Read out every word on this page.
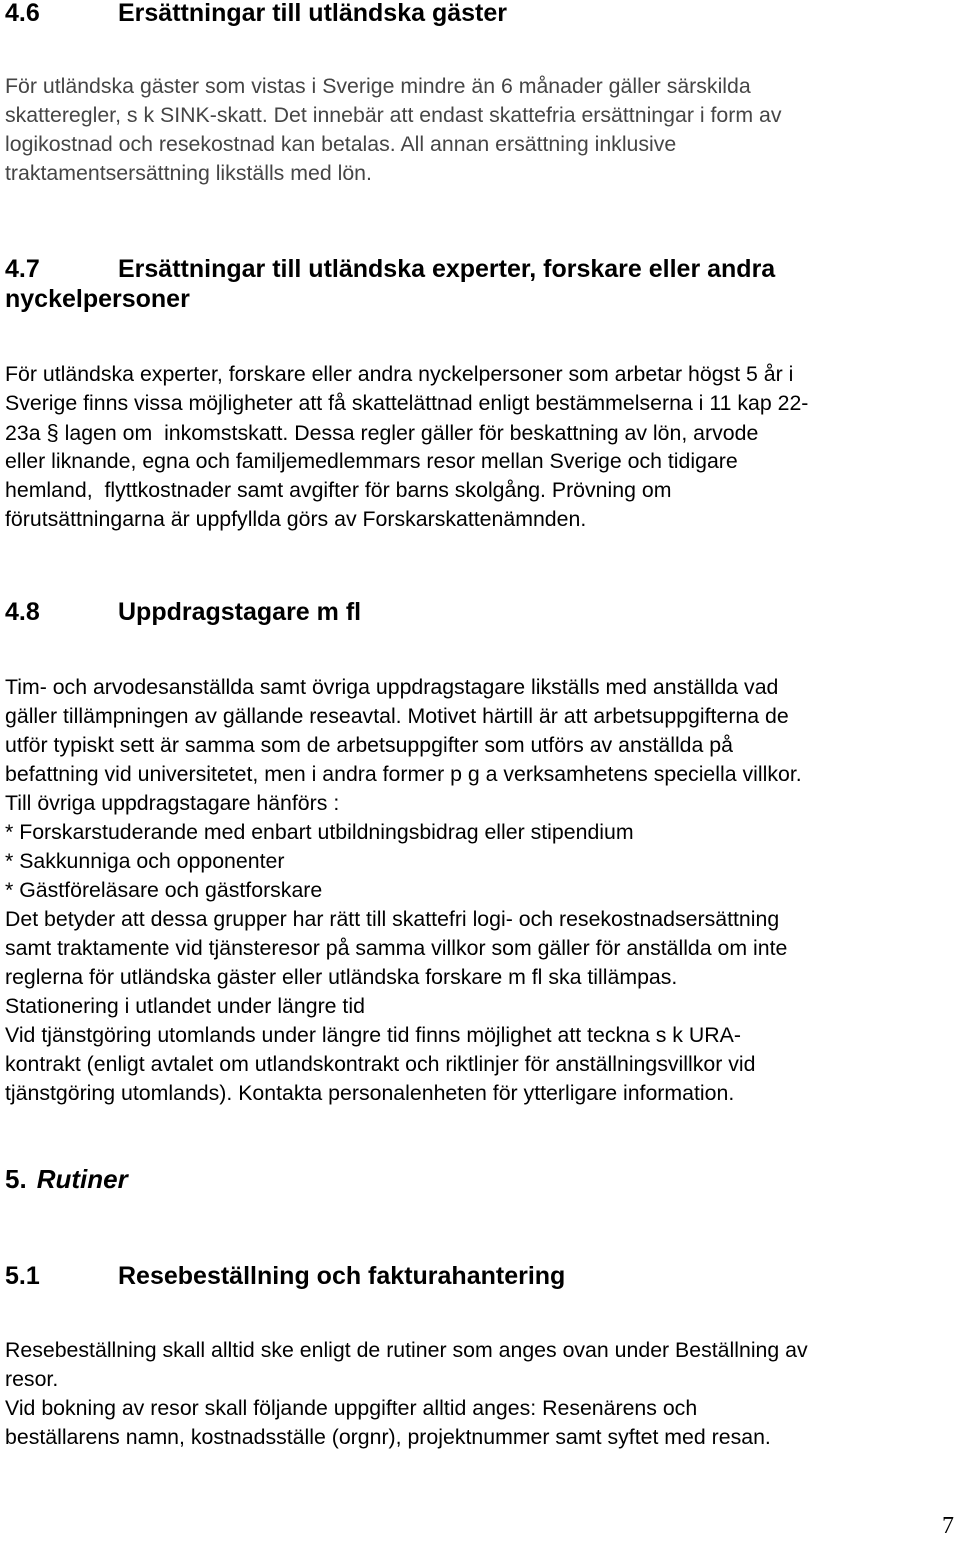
4.6	Ersättningar till utländska gäster
För utländska gäster som vistas i Sverige mindre än 6 månader gäller särskilda
skatteregler, s k SINK-skatt. Det innebär att endast skattefria ersättningar i form av
logikostnad och resekostnad kan betalas. All annan ersättning inklusive
traktamentsersättning likställs med lön.
4.7	Ersättningar till utländska experter, forskare eller andra
nyckelpersoner
För utländska experter, forskare eller andra nyckelpersoner som arbetar högst 5 år i
Sverige finns vissa möjligheter att få skattelättnad enligt bestämmelserna i 11 kap 22-
23a § lagen om  inkomstskatt. Dessa regler gäller för beskattning av lön, arvode
eller liknande, egna och familjemedlemmars resor mellan Sverige och tidigare
hemland,  flyttkostnader samt avgifter för barns skolgång. Prövning om
förutsättningarna är uppfyllda görs av Forskarskattenämnden.
4.8	Uppdragstagare m fl
Tim- och arvodesanställda samt övriga uppdragstagare likställs med anställda vad
gäller tillämpningen av gällande reseavtal. Motivet härtill är att arbetsuppgifterna de
utför typiskt sett är samma som de arbetsuppgifter som utförs av anställda på
befattning vid universitetet, men i andra former p g a verksamhetens speciella villkor.
Till övriga uppdragstagare hänförs :
* Forskarstuderande med enbart utbildningsbidrag eller stipendium
* Sakkunniga och opponenter
* Gästföreläsare och gästforskare
Det betyder att dessa grupper har rätt till skattefri logi- och resekostnadsersättning
samt traktamente vid tjänsteresor på samma villkor som gäller för anställda om inte
reglerna för utländska gäster eller utländska forskare m fl ska tillämpas.
Stationering i utlandet under längre tid
Vid tjänstgöring utomlands under längre tid finns möjlighet att teckna s k URA-
kontrakt (enligt avtalet om utlandskontrakt och riktlinjer för anställningsvillkor vid
tjänstgöring utomlands). Kontakta personalenheten för ytterligare information.
5. Rutiner
5.1	Resebeställning och fakturahantering
Resebeställning skall alltid ske enligt de rutiner som anges ovan under Beställning av
resor.
Vid bokning av resor skall följande uppgifter alltid anges: Resenärens och
beställarens namn, kostnadsställe (orgnr), projektnummer samt syftet med resan.
7
